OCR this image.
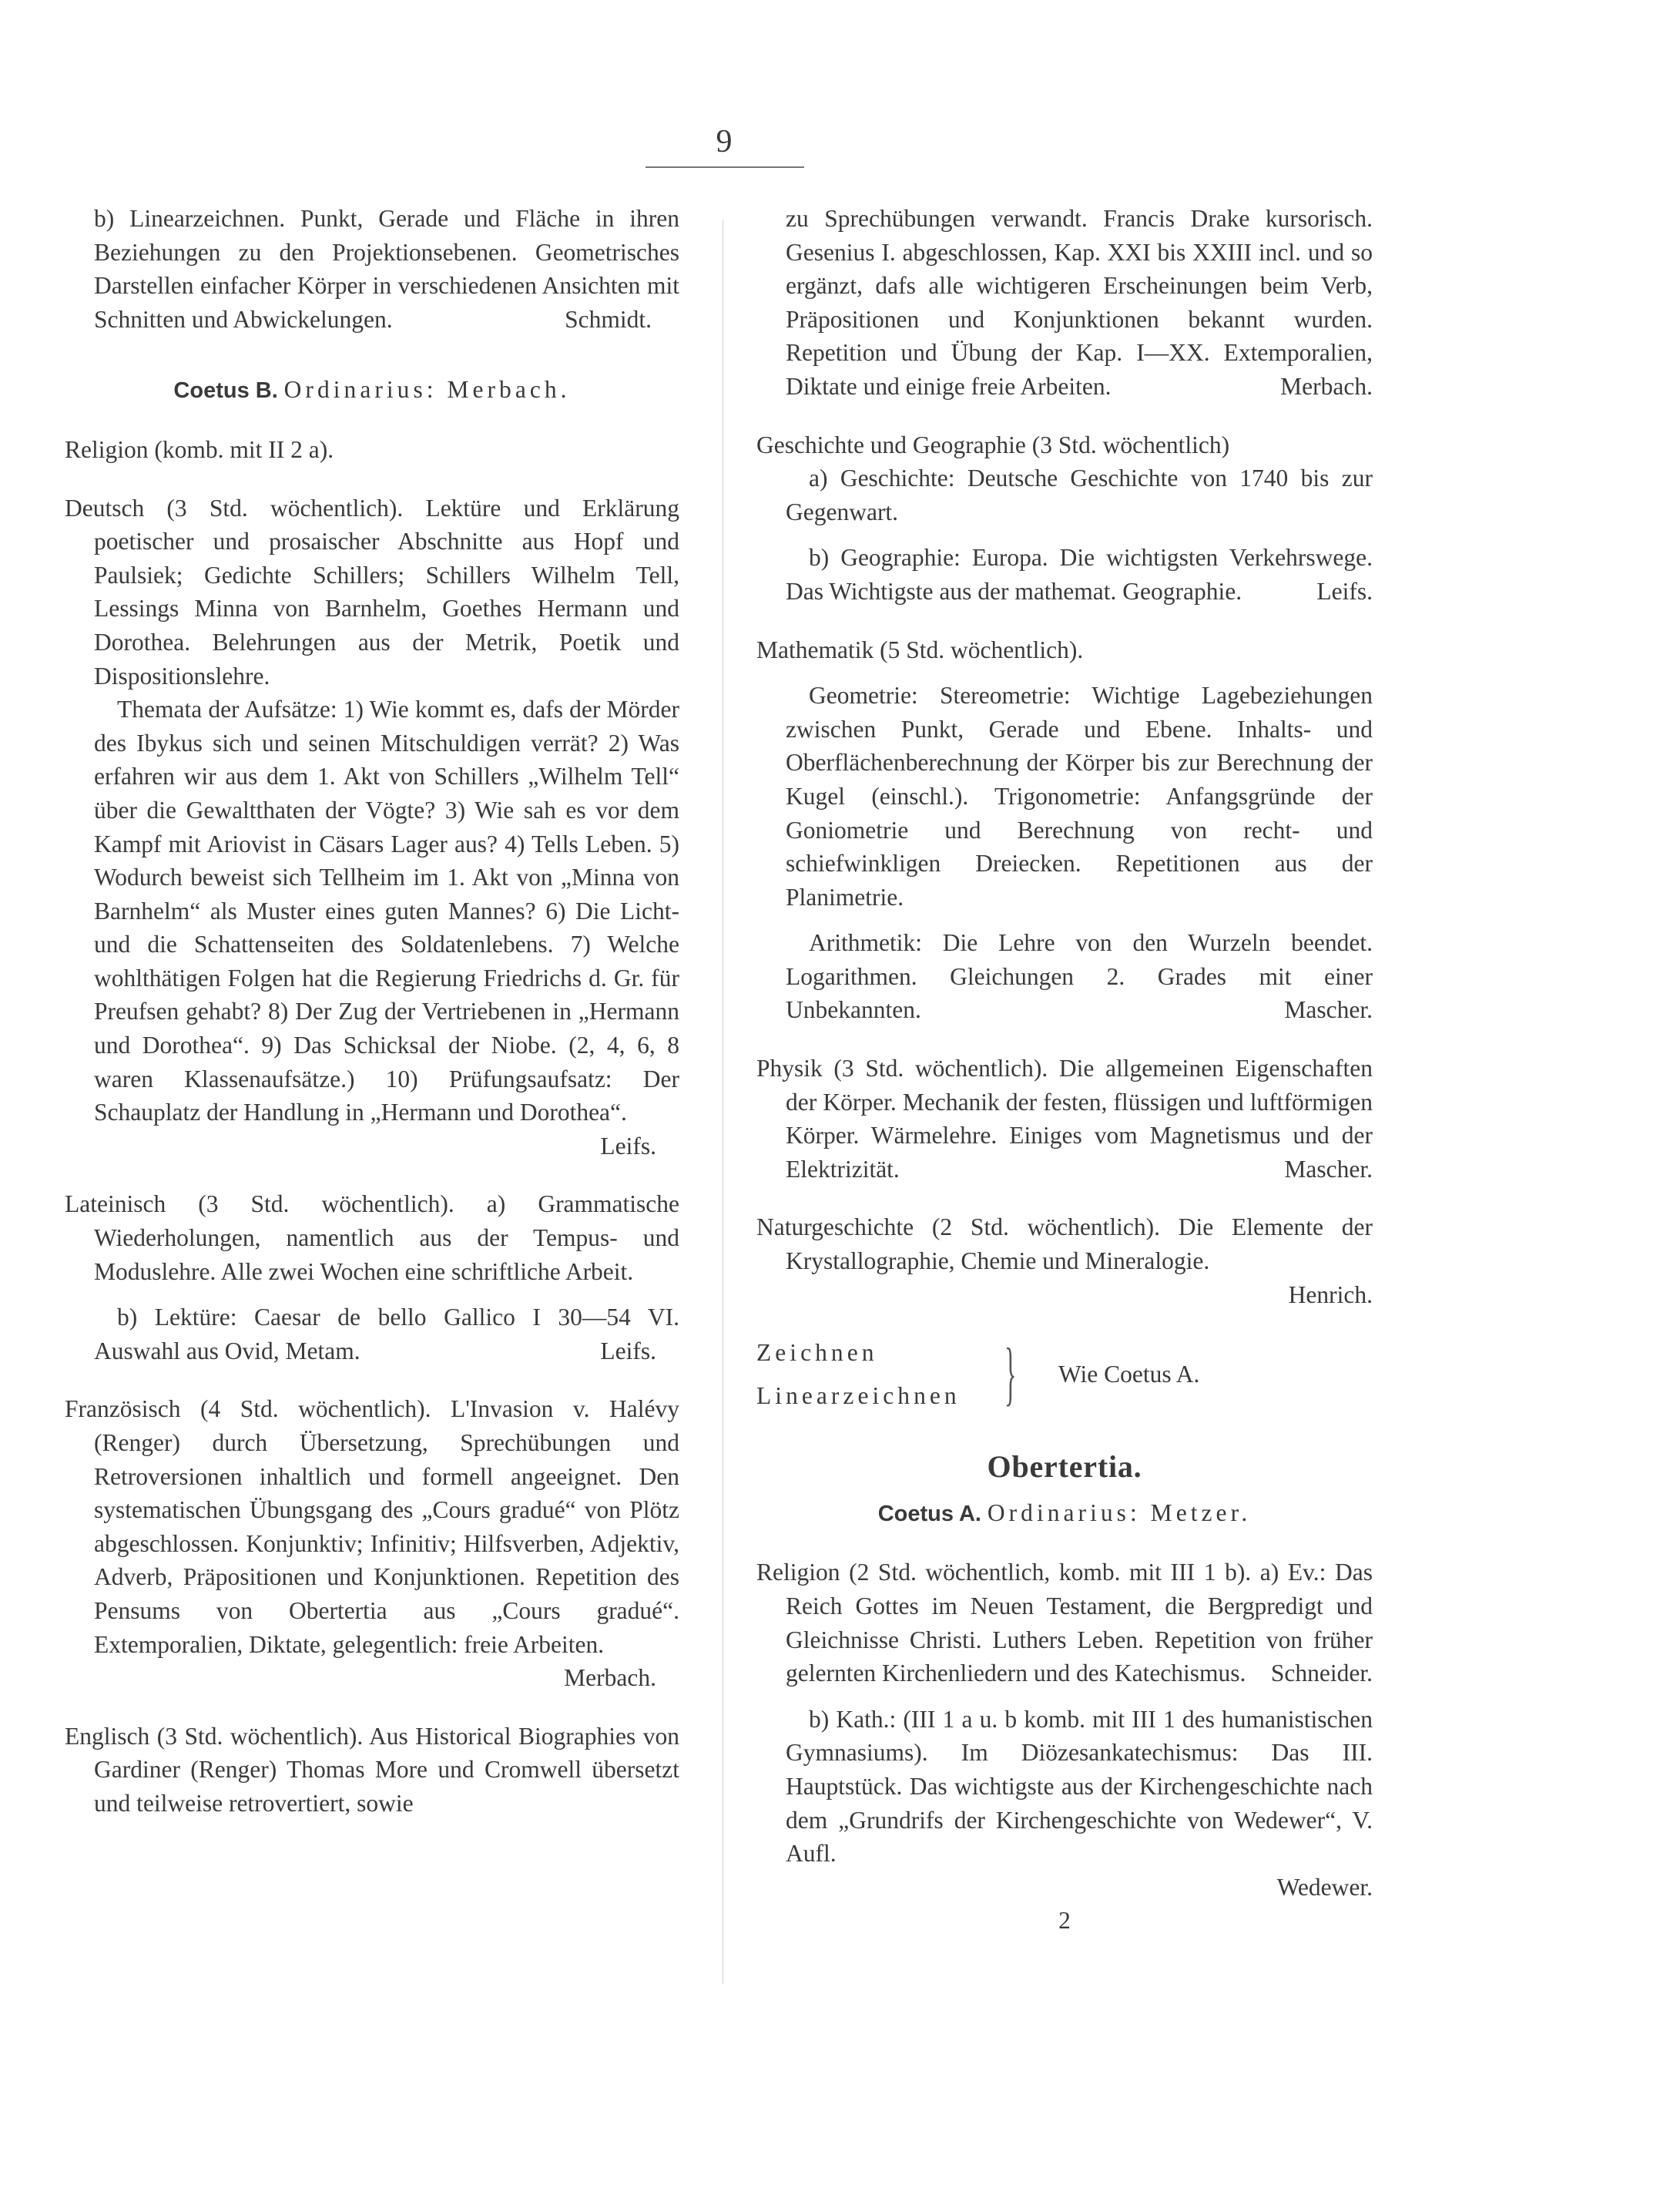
9

b) Linearzeichnen. Punkt, Gerade und Fläche in ihren Beziehungen zu den Projektionsebenen. Geometrisches Darstellen einfacher Körper in verschiedenen Ansichten mit Schnitten und Abwickelungen.	Schmidt.

Coetus B. Ordinarius: Merbach.

Religion (komb. mit II 2 a).

Deutsch (3 Std. wöchentlich). Lektüre und Erklärung poetischer und prosaischer Abschnitte aus Hopf und Paulsiek; Gedichte Schillers; Schillers Wilhelm Tell, Lessings Minna von Barnhelm, Goethes Hermann und Dorothea. Belehrungen aus der Metrik, Poetik und Dispositionslehre.

Themata der Aufsätze: 1) Wie kommt es, dafs der Mörder des Ibykus sich und seinen Mitschuldigen verrät? 2) Was erfahren wir aus dem 1. Akt von Schillers „Wilhelm Tell“ über die Gewaltthaten der Vögte? 3) Wie sah es vor dem Kampf mit Ariovist in Cäsars Lager aus? 4) Tells Leben. 5) Wodurch beweist sich Tellheim im 1. Akt von „Minna von Barnhelm“ als Muster eines guten Mannes? 6) Die Licht- und die Schattenseiten des Soldatenlebens. 7) Welche wohlthätigen Folgen hat die Regierung Friedrichs d. Gr. für Preufsen gehabt? 8) Der Zug der Vertriebenen in „Hermann und Dorothea“. 9) Das Schicksal der Niobe. (2, 4, 6, 8 waren Klassenaufsätze.) 10) Prüfungsaufsatz: Der Schauplatz der Handlung in „Hermann und Dorothea“.

Leifs.

Lateinisch (3 Std. wöchentlich). a) Grammatische Wiederholungen, namentlich aus der Tempus- und Moduslehre. Alle zwei Wochen eine schriftliche Arbeit.

b) Lektüre: Caesar de bello Gallico I 30—54 VI. Auswahl aus Ovid, Metam.	Leifs.

Französisch (4 Std. wöchentlich). L'Invasion v. Halévy (Renger) durch Übersetzung, Sprechübungen und Retroversionen inhaltlich und formell angeeignet. Den systematischen Übungsgang des „Cours gradué“ von Plötz abgeschlossen. Konjunktiv; Infinitiv; Hilfsverben, Adjektiv, Adverb, Präpositionen und Konjunktionen. Repetition des Pensums von Obertertia aus „Cours gradué“. Extemporalien, Diktate, gelegentlich: freie Arbeiten.

Merbach.

Englisch (3 Std. wöchentlich). Aus Historical Biographies von Gardiner (Renger) Thomas More und Cromwell übersetzt und teilweise retrovertiert, sowie

zu Sprechübungen verwandt. Francis Drake kursorisch. Gesenius I. abgeschlossen, Kap. XXI bis XXIII incl. und so ergänzt, dafs alle wichtigeren Erscheinungen beim Verb, Präpositionen und Konjunktionen bekannt wurden. Repetition und Übung der Kap. I—XX. Extemporalien, Diktate und einige freie Arbeiten.	Merbach.

Geschichte und Geographie (3 Std. wöchentlich)

a) Geschichte: Deutsche Geschichte von 1740 bis zur Gegenwart.

b) Geographie: Europa. Die wichtigsten Verkehrswege. Das Wichtigste aus der mathemat. Geographie.	Leifs.

Mathematik (5 Std. wöchentlich).

Geometrie: Stereometrie: Wichtige Lagebeziehungen zwischen Punkt, Gerade und Ebene. Inhalts- und Oberflächenberechnung der Körper bis zur Berechnung der Kugel (einschl.). Trigonometrie: Anfangsgründe der Goniometrie und Berechnung von recht- und schiefwinkligen Dreiecken. Repetitionen aus der Planimetrie.

Arithmetik: Die Lehre von den Wurzeln beendet. Logarithmen. Gleichungen 2. Grades mit einer Unbekannten.	Mascher.

Physik (3 Std. wöchentlich). Die allgemeinen Eigenschaften der Körper. Mechanik der festen, flüssigen und luftförmigen Körper. Wärmelehre. Einiges vom Magnetismus und der Elektrizität.	Mascher.

Naturgeschichte (2 Std. wöchentlich). Die Elemente der Krystallographie, Chemie und Mineralogie.

Henrich.

Zeichnen
Linearzeichnen } Wie Coetus A.

Obertertia.

Coetus A. Ordinarius: Metzer.

Religion (2 Std. wöchentlich, komb. mit III 1 b). a) Ev.: Das Reich Gottes im Neuen Testament, die Bergpredigt und Gleichnisse Christi. Luthers Leben. Repetition von früher gelernten Kirchenliedern und des Katechismus.	Schneider.

b) Kath.: (III 1 a u. b komb. mit III 1 des humanistischen Gymnasiums). Im Diözesankatechismus: Das III. Hauptstück. Das wichtigste aus der Kirchengeschichte nach dem „Grundrifs der Kirchengeschichte von Wedewer“, V. Aufl.

Wedewer.

2
